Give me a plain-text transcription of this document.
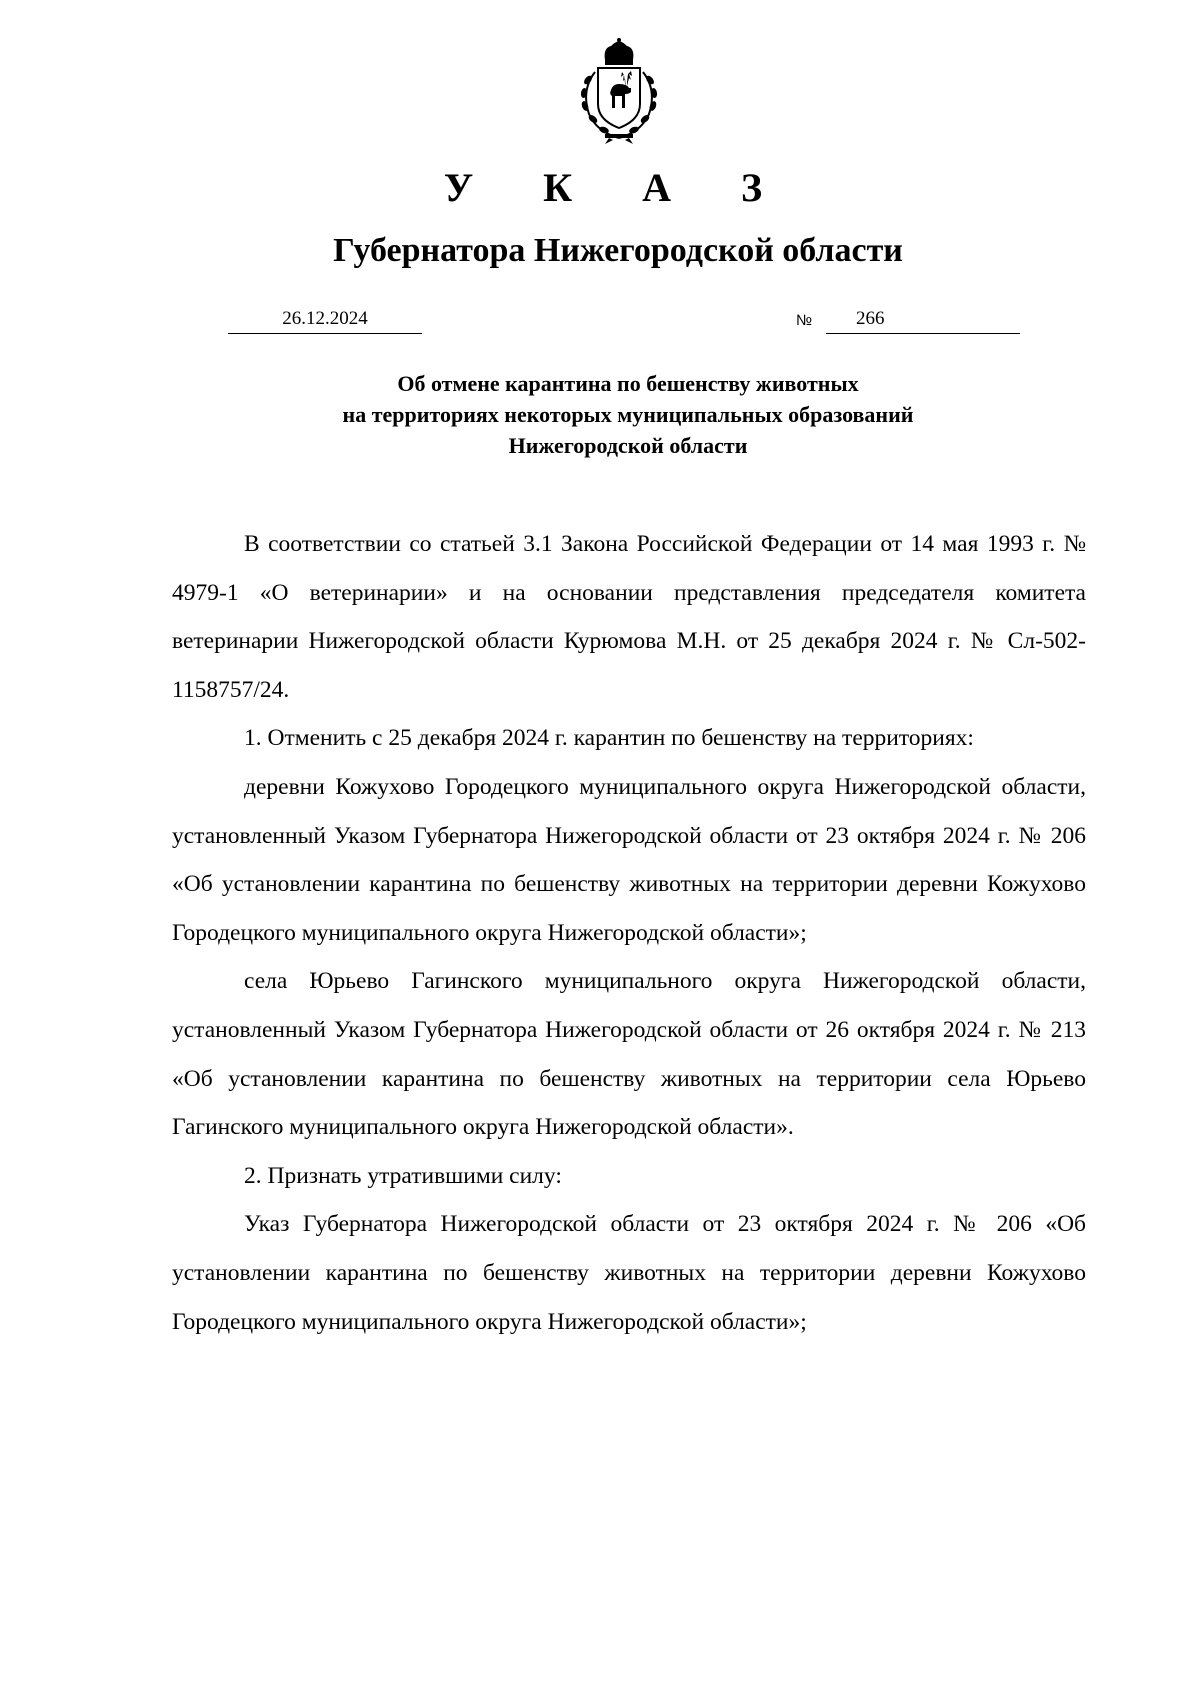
У К А З
Губернатора Нижегородской области
26.12.2024	№ 266
Об отмене карантина по бешенству животных
на территориях некоторых муниципальных образований
Нижегородской области

В соответствии со статьей 3.1 Закона Российской Федерации от 14 мая 1993 г. № 4979-1 «О ветеринарии» и на основании представления председателя комитета ветеринарии Нижегородской области Курюмова М.Н. от 25 декабря 2024 г. № Сл-502-1158757/24.

1. Отменить с 25 декабря 2024 г. карантин по бешенству на территориях:

деревни Кожухово Городецкого муниципального округа Нижегородской области, установленный Указом Губернатора Нижегородской области от 23 октября 2024 г. № 206 «Об установлении карантина по бешенству животных на территории деревни Кожухово Городецкого муниципального округа Нижегородской области»;

села Юрьево Гагинского муниципального округа Нижегородской области, установленный Указом Губернатора Нижегородской области от 26 октября 2024 г. № 213 «Об установлении карантина по бешенству животных на территории села Юрьево Гагинского муниципального округа Нижегородской области».

2. Признать утратившими силу:

Указ Губернатора Нижегородской области от 23 октября 2024 г. № 206 «Об установлении карантина по бешенству животных на территории деревни Кожухово Городецкого муниципального округа Нижегородской области»;
